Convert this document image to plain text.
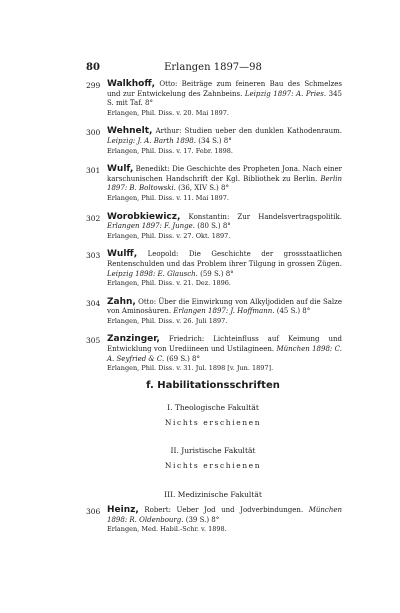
80	Erlangen 1897—98
299 Walkhoff, Otto: Beiträge zum feineren Bau des Schmelzes und zur Entwickelung des Zahnbeins. Leipzig 1897: A. Pries. 345 S. mit Taf. 8°
Erlangen, Phil. Diss. v. 20. Mai 1897.
300 Wehnelt, Arthur: Studien ueber den dunklen Kathodenraum. Leipzig: J. A. Barth 1898. (34 S.) 8°
Erlangen, Phil. Diss. v. 17. Febr. 1898.
301 Wulf, Benedikt: Die Geschichte des Propheten Jona. Nach einer karschunischen Handschrift der Kgl. Bibliothek zu Berlin. Berlin 1897: B. Boltowski. (36, XIV S.) 8°
Erlangen, Phil. Diss. v. 11. Mai 1897.
302 Worobkiewicz, Konstantin: Zur Handelsvertragspolitik. Erlangen 1897: F. Junge. (80 S.) 8°
Erlangen, Phil. Diss. v. 27. Okt. 1897.
303 Wulff, Leopold: Die Geschichte der grossstaatlichen Rentenschulden und das Problem ihrer Tilgung in grossen Zügen. Leipzig 1898: E. Glausch. (59 S.) 8°
Erlangen, Phil. Diss. v. 21. Dez. 1896.
304 Zahn, Otto: Über die Einwirkung von Alkyljodiden auf die Salze von Aminosäuren. Erlangen 1897: J. Hoffmann. (45 S.) 8°
Erlangen, Phil. Diss. v. 26. Juli 1897.
305 Zanzinger, Friedrich: Lichteinfluss auf Keimung und Entwicklung von Urediineen und Ustilagineen. München 1898: C. A. Seyfried & C. (69 S.) 8°
Erlangen, Phil. Diss. v. 31. Jul. 1898 [v. Jun. 1897].
f. Habilitationsschriften
I. Theologische Fakultät
Nichts erschienen
II. Juristische Fakultät
Nichts erschienen
III. Medizinische Fakultät
306 Heinz, Robert: Ueber Jod und Jodverbindungen. München 1898: R. Oldenbourg. (39 S.) 8°
Erlangen, Med. Habil.-Schr. v. 1898.
